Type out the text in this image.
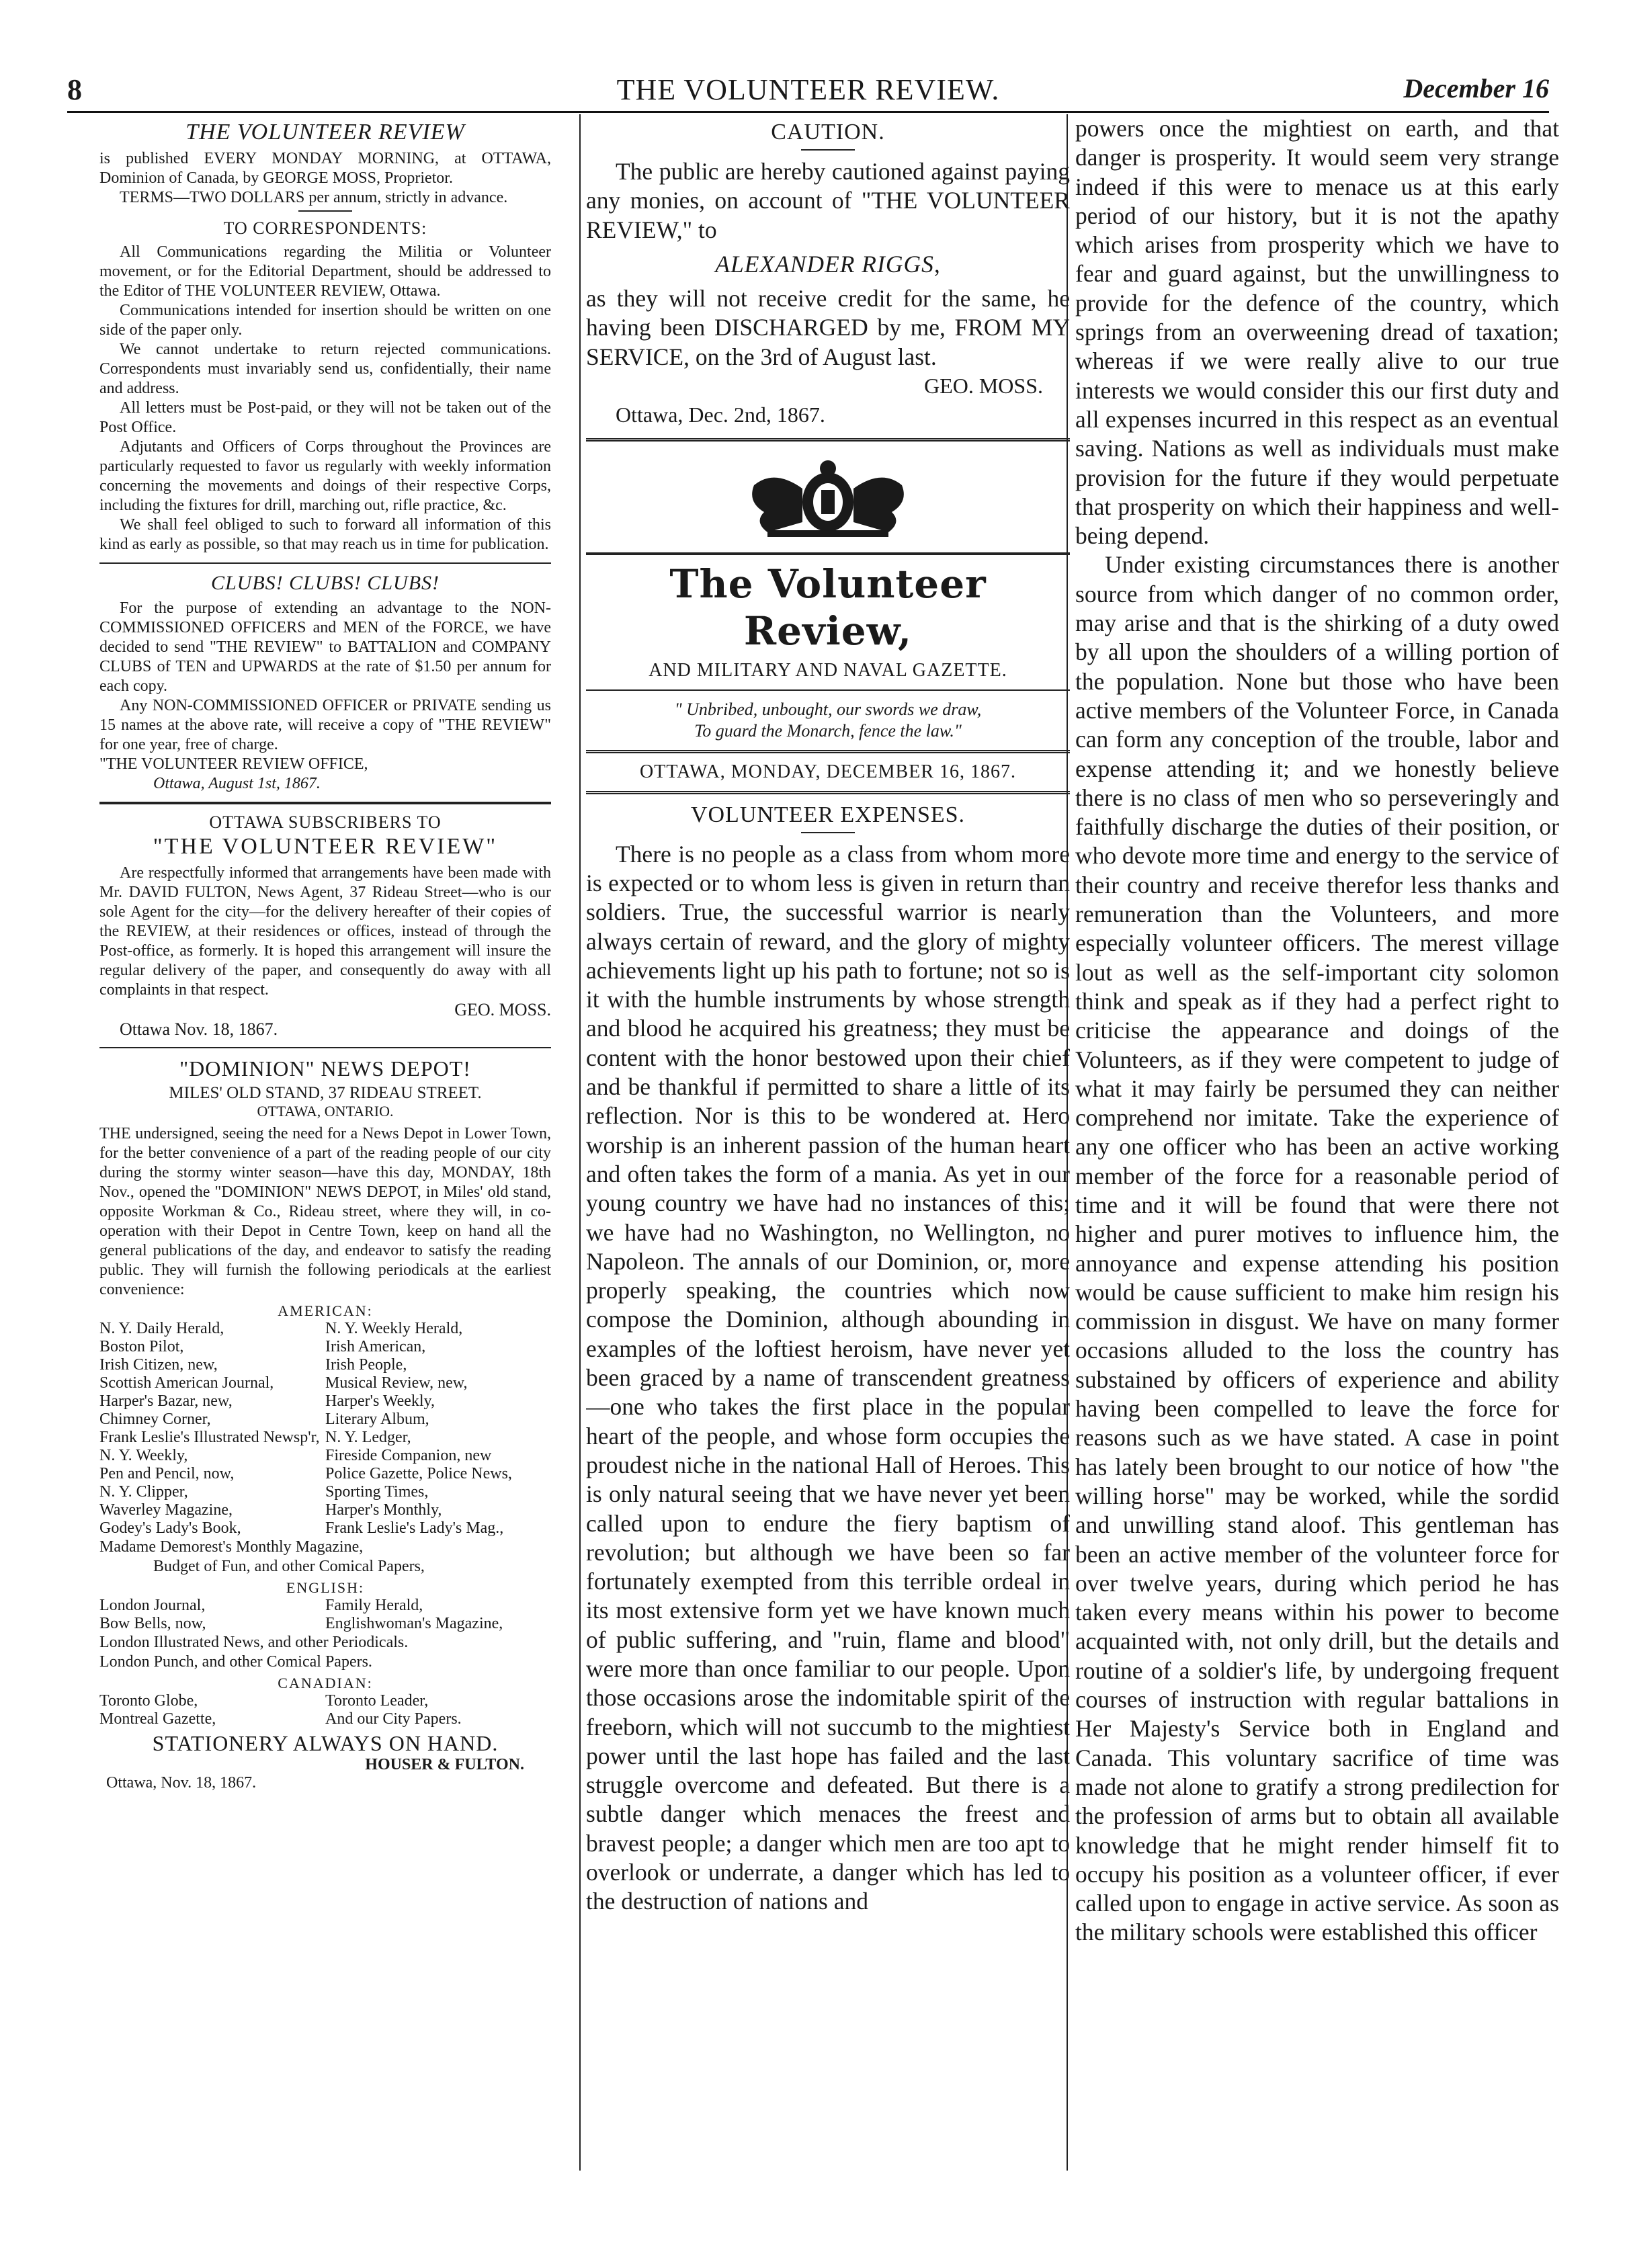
8	THE VOLUNTEER REVIEW.	December 16
THE VOLUNTEER REVIEW

is published EVERY MONDAY MORNING, at OTTAWA, Dominion of Canada, by GEORGE MOSS, Proprietor.

TERMS—TWO DOLLARS per annum, strictly in advance.

TO CORRESPONDENTS:

All Communications regarding the Militia or Volunteer movement, or for the Editorial Department, should be addressed to the Editor of THE VOLUNTEER REVIEW, Ottawa.

Communications intended for insertion should be written on one side of the paper only.

We cannot undertake to return rejected communications. Correspondents must invariably send us, confidentially, their name and address.

All letters must be Post-paid, or they will not be taken out of the Post Office.

Adjutants and Officers of Corps throughout the Provinces are particularly requested to favor us regularly with weekly information concerning the movements and doings of their respective Corps, including the fixtures for drill, marching out, rifle practice, &c.

We shall feel obliged to such to forward all information of this kind as early as possible, so that may reach us in time for publication.

CLUBS! CLUBS! CLUBS!

For the purpose of extending an advantage to the NON-COMMISSIONED OFFICERS and MEN of the FORCE, we have decided to send "THE REVIEW" to BATTALION and COMPANY CLUBS of TEN and UPWARDS at the rate of $1.50 per annum for each copy.

Any NON-COMMISSIONED OFFICER or PRIVATE sending us 15 names at the above rate, will receive a copy of "THE REVIEW" for one year, free of charge.

"THE VOLUNTEER REVIEW OFFICE,

Ottawa, August 1st, 1867.

OTTAWA SUBSCRIBERS TO
"THE VOLUNTEER REVIEW"

Are respectfully informed that arrangements have been made with Mr. DAVID FULTON, News Agent, 37 Rideau Street—who is our sole Agent for the city—for the delivery hereafter of their copies of the REVIEW, at their residences or offices, instead of through the Post-office, as formerly. It is hoped this arrangement will insure the regular delivery of the paper, and consequently do away with all complaints in that respect.

GEO. MOSS.

Ottawa Nov. 18, 1867.

"DOMINION" NEWS DEPOT!
MILES' OLD STAND, 37 RIDEAU STREET.
OTTAWA, ONTARIO.

THE undersigned, seeing the need for a News Depot in Lower Town, for the better convenience of a part of the reading people of our city during the stormy winter season—have this day, MONDAY, 18th Nov., opened the "DOMINION" NEWS DEPOT, in Miles' old stand, opposite Workman & Co., Rideau street, where they will, in co-operation with their Depot in Centre Town, keep on hand all the general publications of the day, and endeavor to satisfy the reading public. They will furnish the following periodicals at the earliest convenience:

AMERICAN:
N. Y. Daily Herald,	N. Y. Weekly Herald,
Boston Pilot,	Irish American,
Irish Citizen, new,	Irish People,
Scottish American Journal,	Musical Review, new,
Harper's Bazar, new,	Harper's Weekly,
Chimney Corner,	Literary Album,
Frank Leslie's Illustrated Newsp'r, N. Y. Ledger,
N. Y. Weekly,	Fireside Companion, new
Pen and Pencil, now,	Police Gazette, Police News,
N. Y. Clipper,	Sporting Times,
Waverley Magazine,	Harper's Monthly,
Godey's Lady's Book,	Frank Leslie's Lady's Mag.,

Madame Demorest's Monthly Magazine,

Budget of Fun, and other Comical Papers,

ENGLISH:
London Journal,	Family Herald,
Bow Bells, now,	Englishwoman's Magazine,

London Illustrated News, and other Periodicals.

London Punch, and other Comical Papers.

CANADIAN:
Toronto Globe,	Toronto Leader,
Montreal Gazette,	And our City Papers.
STATIONERY ALWAYS ON HAND.
HOUSER & FULTON.
Ottawa, Nov. 18, 1867.
CAUTION.

The public are hereby cautioned against paying any monies, on account of "THE VOLUNTEER REVIEW," to

ALEXANDER RIGGS,

as they will not receive credit for the same, he having been DISCHARGED by me, FROM MY SERVICE, on the 3rd of August last.

GEO. MOSS.

Ottawa, Dec. 2nd, 1867.

The Volunteer Review,
AND MILITARY AND NAVAL GAZETTE.
" Unbribed, unbought, our swords we draw,
To guard the Monarch, fence the law."
OTTAWA, MONDAY, DECEMBER 16, 1867.
VOLUNTEER EXPENSES.

There is no people as a class from whom more is expected or to whom less is given in return than soldiers. True, the successful warrior is nearly always certain of reward, and the glory of mighty achievements light up his path to fortune; not so is it with the humble instruments by whose strength and blood he acquired his greatness; they must be content with the honor bestowed upon their chief and be thankful if permitted to share a little of its reflection. Nor is this to be wondered at. Hero worship is an inherent passion of the human heart and often takes the form of a mania. As yet in our young country we have had no instances of this; we have had no Washington, no Wellington, no Napoleon. The annals of our Dominion, or, more properly speaking, the countries which now compose the Dominion, although abounding in examples of the loftiest heroism, have never yet been graced by a name of transcendent greatness—one who takes the first place in the popular heart of the people, and whose form occupies the proudest niche in the national Hall of Heroes. This is only natural seeing that we have never yet been called upon to endure the fiery baptism of revolution; but although we have been so far fortunately exempted from this terrible ordeal in its most extensive form yet we have known much of public suffering, and "ruin, flame and blood" were more than once familiar to our people. Upon those occasions arose the indomitable spirit of the freeborn, which will not succumb to the mightiest power until the last hope has failed and the last struggle overcome and defeated. But there is a subtle danger which menaces the freest and bravest people; a danger which men are too apt to overlook or underrate, a danger which has led to the destruction of nations and

powers once the mightiest on earth, and that danger is prosperity. It would seem very strange indeed if this were to menace us at this early period of our history, but it is not the apathy which arises from prosperity which we have to fear and guard against, but the unwillingness to provide for the defence of the country, which springs from an overweening dread of taxation; whereas if we were really alive to our true interests we would consider this our first duty and all expenses incurred in this respect as an eventual saving. Nations as well as individuals must make provision for the future if they would perpetuate that prosperity on which their happiness and well-being depend.

Under existing circumstances there is another source from which danger of no common order, may arise and that is the shirking of a duty owed by all upon the shoulders of a willing portion of the population. None but those who have been active members of the Volunteer Force, in Canada can form any conception of the trouble, labor and expense attending it; and we honestly believe there is no class of men who so perseveringly and faithfully discharge the duties of their position, or who devote more time and energy to the service of their country and receive therefor less thanks and remuneration than the Volunteers, and more especially volunteer officers. The merest village lout as well as the self-important city solomon think and speak as if they had a perfect right to criticise the appearance and doings of the Volunteers, as if they were competent to judge of what it may fairly be persumed they can neither comprehend nor imitate. Take the experience of any one officer who has been an active working member of the force for a reasonable period of time and it will be found that were there not higher and purer motives to influence him, the annoyance and expense attending his position would be cause sufficient to make him resign his commission in disgust. We have on many former occasions alluded to the loss the country has substained by officers of experience and ability having been compelled to leave the force for reasons such as we have stated. A case in point has lately been brought to our notice of how "the willing horse" may be worked, while the sordid and unwilling stand aloof. This gentleman has been an active member of the volunteer force for over twelve years, during which period he has taken every means within his power to become acquainted with, not only drill, but the details and routine of a soldier's life, by undergoing frequent courses of instruction with regular battalions in Her Majesty's Service both in England and Canada. This voluntary sacrifice of time was made not alone to gratify a strong predilection for the profession of arms but to obtain all available knowledge that he might render himself fit to occupy his position as a volunteer officer, if ever called upon to engage in active service. As soon as the military schools were established this officer
